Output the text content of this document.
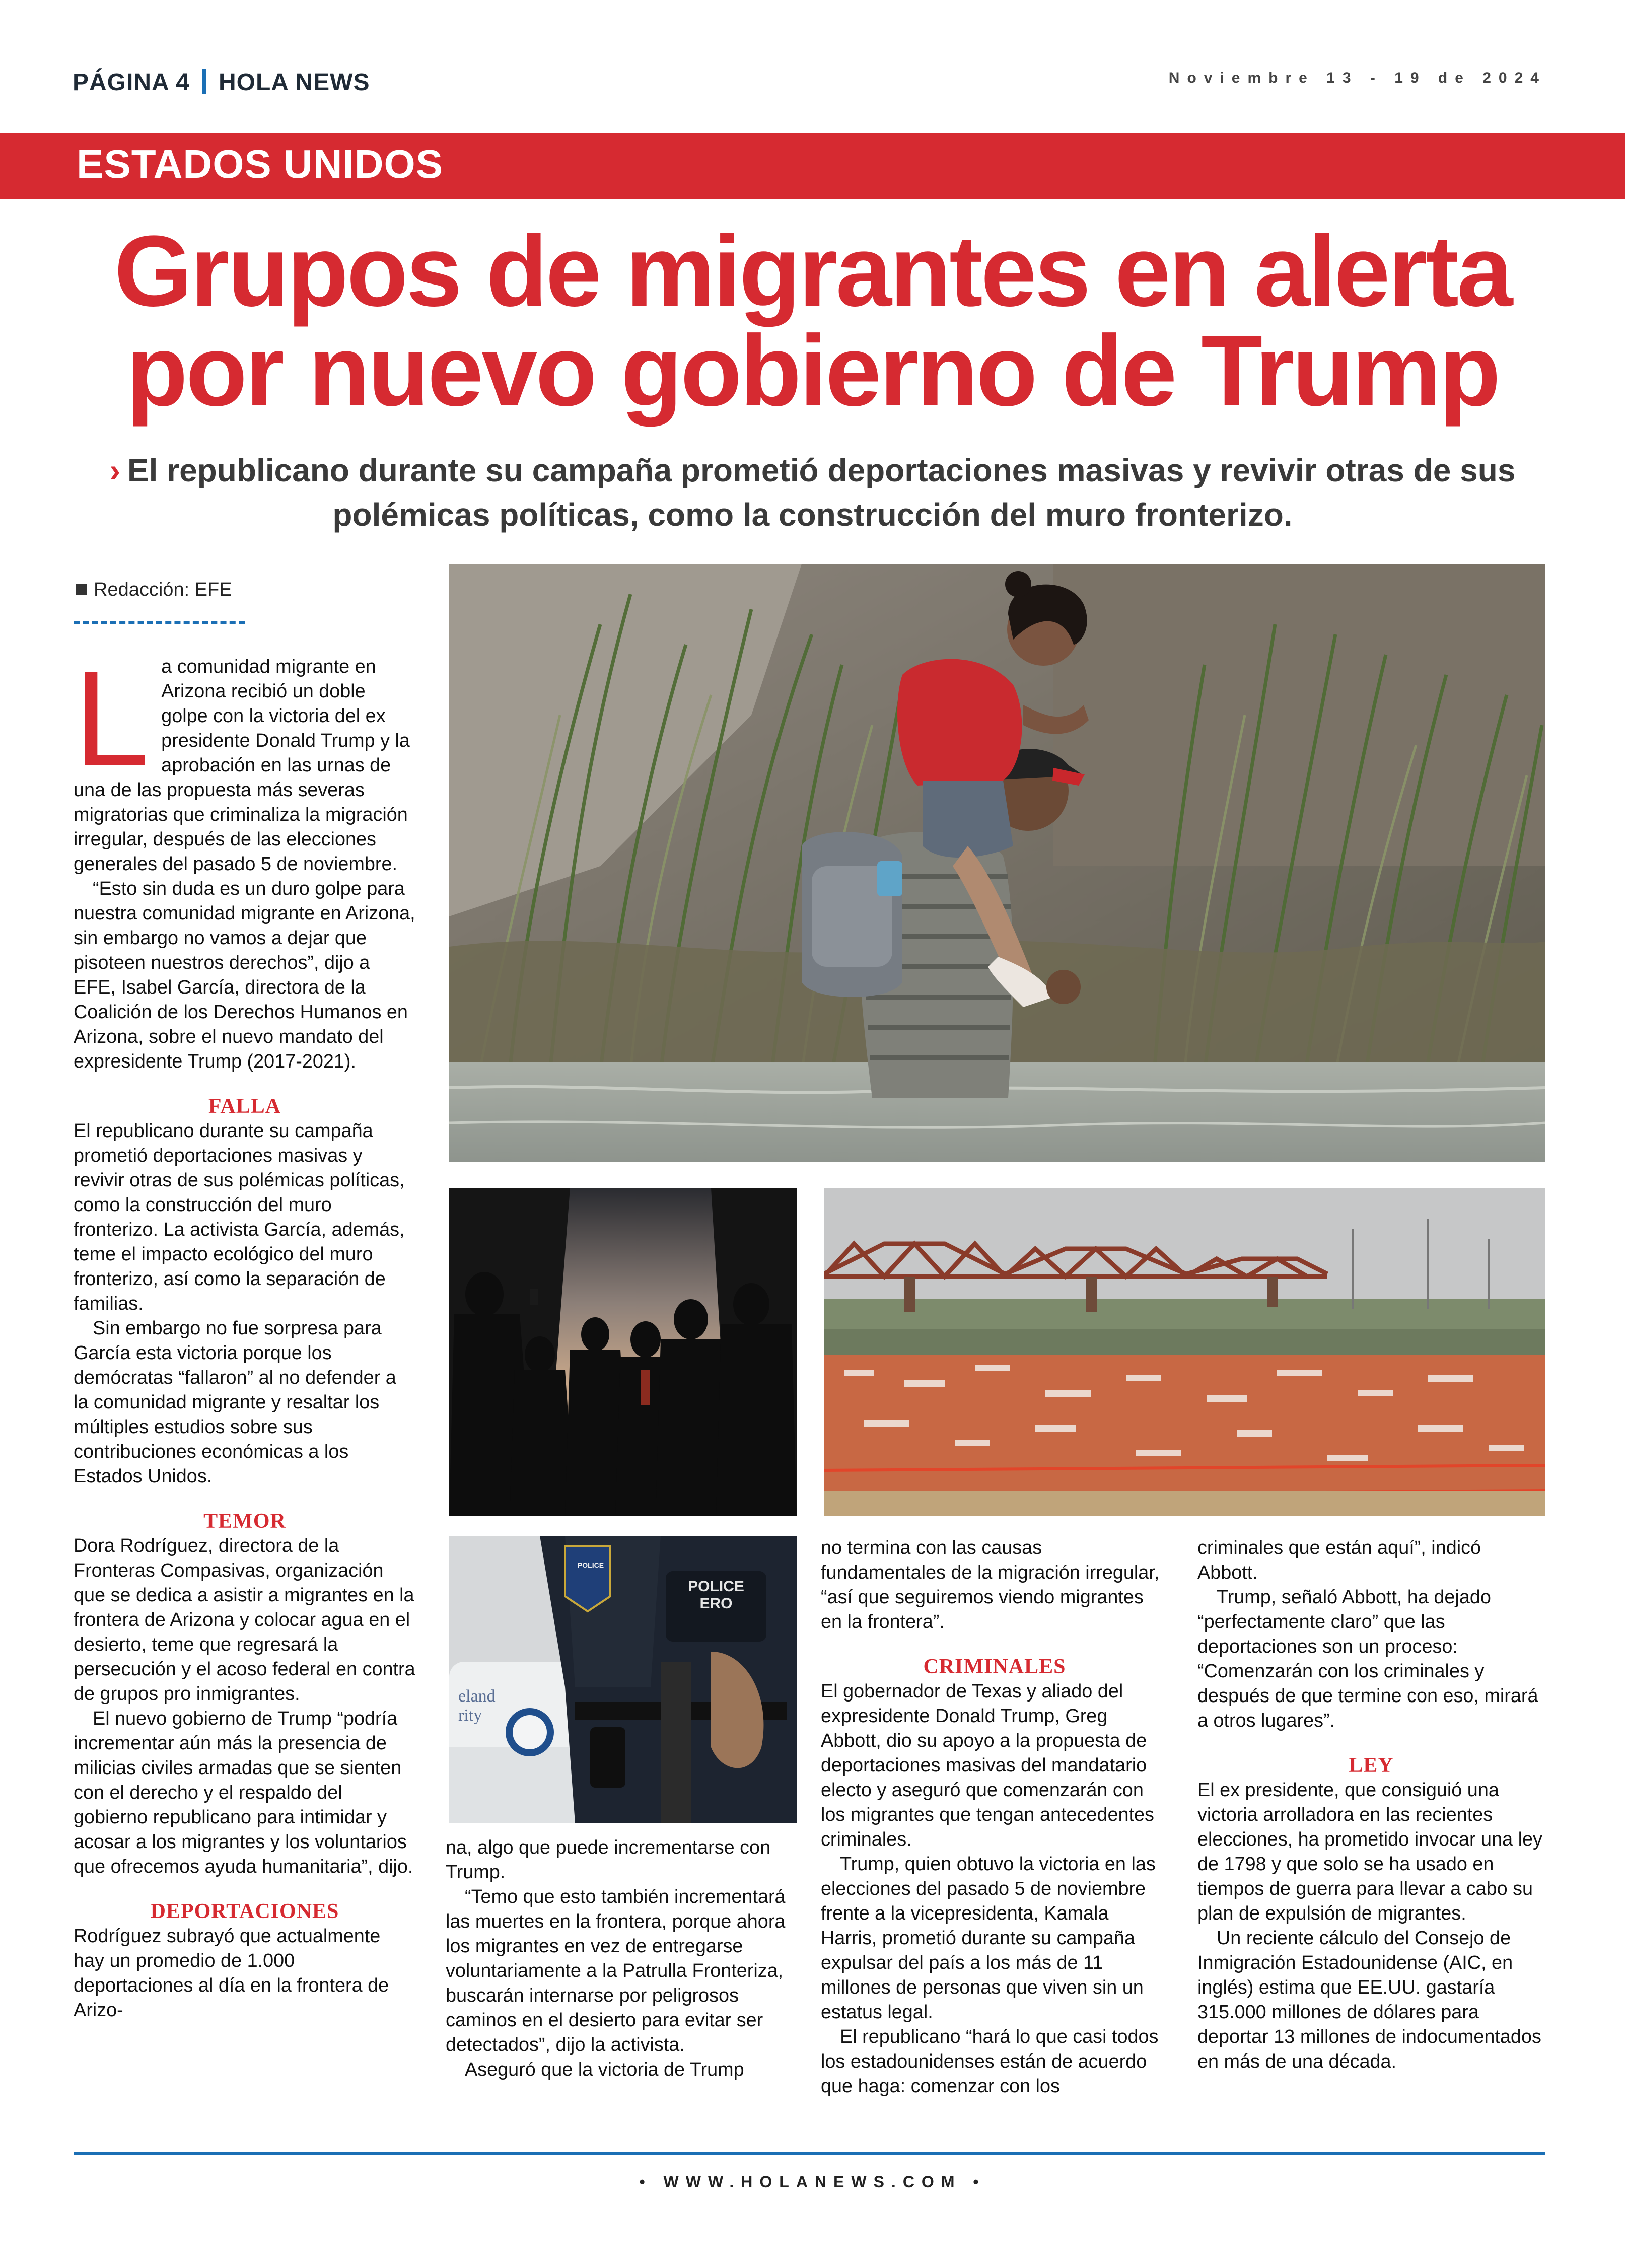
PÁGINA 4 HOLA NEWS	Noviembre 13 - 19 de 2024
ESTADOS UNIDOS
Grupos de migrantes en alerta
por nuevo gobierno de Trump
› El republicano durante su campaña prometió deportaciones masivas y revivir otras de sus polémicas políticas, como la construcción del muro fronterizo.
Redacción: EFE

La comunidad migrante en Arizona recibió un doble golpe con la victoria del ex presidente Donald Trump y la aprobación en las urnas de una de las propuesta más severas migratorias que criminaliza la migración irregular, después de las elecciones generales del pasado 5 de noviembre.

“Esto sin duda es un duro golpe para nuestra comunidad migrante en Arizona, sin embargo no vamos a dejar que pisoteen nuestros derechos”, dijo a EFE, Isabel García, directora de la Coalición de los Derechos Humanos en Arizona, sobre el nuevo mandato del expresidente Trump (2017-2021).

FALLA

El republicano durante su campaña prometió deportaciones masivas y revivir otras de sus polémicas políticas, como la construcción del muro fronterizo. La activista García, además, teme el impacto ecológico del muro fronterizo, así como la separación de familias.

Sin embargo no fue sorpresa para García esta victoria porque los demócratas “fallaron” al no defender a la comunidad migrante y resaltar los múltiples estudios sobre sus contribuciones económicas a los Estados Unidos.

TEMOR

Dora Rodríguez, directora de la Fronteras Compasivas, organización que se dedica a asistir a migrantes en la frontera de Arizona y colocar agua en el desierto, teme que regresará la persecución y el acoso federal en contra de grupos pro inmigrantes.

El nuevo gobierno de Trump “podría incrementar aún más la presencia de milicias civiles armadas que se sienten con el derecho y el respaldo del gobierno republicano para intimidar y acosar a los migrantes y los voluntarios que ofrecemos ayuda humanitaria”, dijo.

DEPORTACIONES

Rodríguez subrayó que actualmente hay un promedio de 1.000 deportaciones al día en la frontera de Arizo-

POLICE
POLICE
ERO
eland
rity

na, algo que puede incrementarse con Trump.

“Temo que esto también incrementará las muertes en la frontera, porque ahora los migrantes en vez de entregarse voluntariamente a la Patrulla Fronteriza, buscarán internarse por peligrosos caminos en el desierto para evitar ser detectados”, dijo la activista.

Aseguró que la victoria de Trump

no termina con las causas fundamentales de la migración irregular, “así que seguiremos viendo migrantes en la frontera”.

CRIMINALES

El gobernador de Texas y aliado del expresidente Donald Trump, Greg Abbott, dio su apoyo a la propuesta de deportaciones masivas del mandatario electo y aseguró que comenzarán con los migrantes que tengan antecedentes criminales.

Trump, quien obtuvo la victoria en las elecciones del pasado 5 de noviembre frente a la vicepresidenta, Kamala Harris, prometió durante su campaña expulsar del país a los más de 11 millones de personas que viven sin un estatus legal.

El republicano “hará lo que casi todos los estadounidenses están de acuerdo que haga: comenzar con los

criminales que están aquí”, indicó Abbott.

Trump, señaló Abbott, ha dejado “perfectamente claro” que las deportaciones son un proceso: “Comenzarán con los criminales y después de que termine con eso, mirará a otros lugares”.

LEY

El ex presidente, que consiguió una victoria arrolladora en las recientes elecciones, ha prometido invocar una ley de 1798 y que solo se ha usado en tiempos de guerra para llevar a cabo su plan de expulsión de migrantes.

Un reciente cálculo del Consejo de Inmigración Estadounidense (AIC, en inglés) estima que EE.UU. gastaría 315.000 millones de dólares para deportar 13 millones de indocumentados en más de una década.

• WWW.HOLANEWS.COM •
